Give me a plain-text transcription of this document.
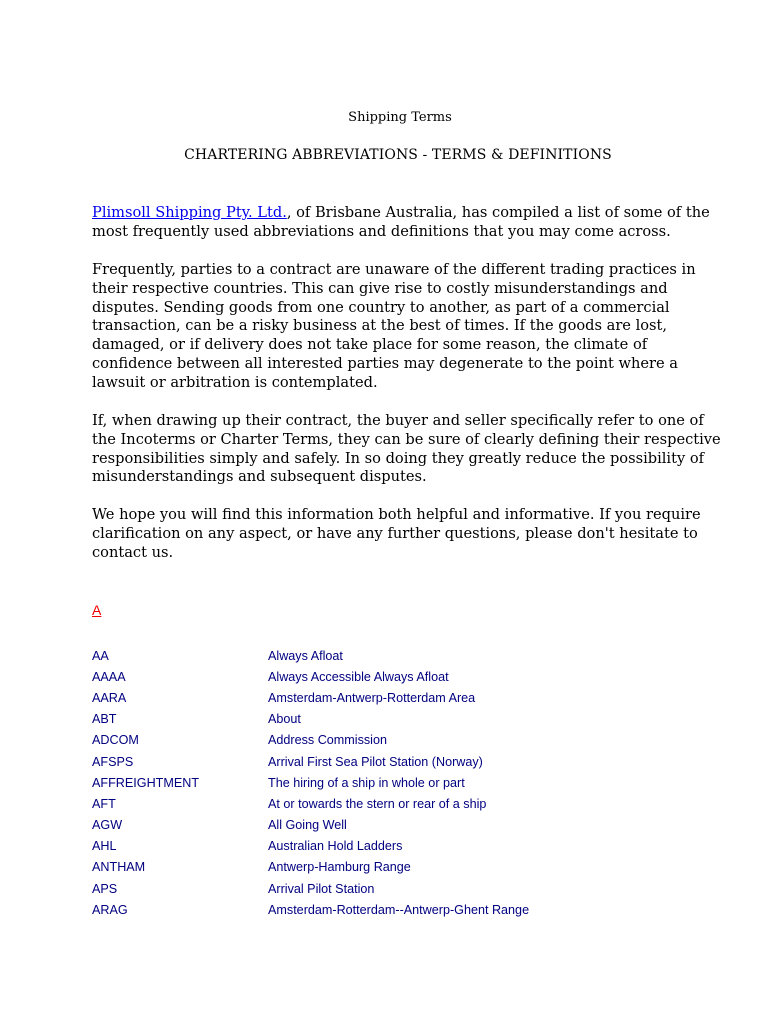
Shipping Terms
CHARTERING ABBREVIATIONS - TERMS & DEFINITIONS

Plimsoll Shipping Pty. Ltd., of Brisbane Australia, has compiled a list of some of the most frequently used abbreviations and definitions that you may come across.

Frequently, parties to a contract are unaware of the different trading practices in their respective countries. This can give rise to costly misunderstandings and disputes. Sending goods from one country to another, as part of a commercial transaction, can be a risky business at the best of times. If the goods are lost, damaged, or if delivery does not take place for some reason, the climate of confidence between all interested parties may degenerate to the point where a lawsuit or arbitration is contemplated.

If, when drawing up their contract, the buyer and seller specifically refer to one of the Incoterms or Charter Terms, they can be sure of clearly defining their respective responsibilities simply and safely. In so doing they greatly reduce the possibility of misunderstandings and subsequent disputes.

We hope you will find this information both helpful and informative. If you require clarification on any aspect, or have any further questions, please don't hesitate to contact us.

A
AA	Always Afloat
AAAA	Always Accessible Always Afloat
AARA	Amsterdam-Antwerp-Rotterdam Area
ABT	About
ADCOM	Address Commission
AFSPS	Arrival First Sea Pilot Station (Norway)
AFFREIGHTMENT	The hiring of a ship in whole or part
AFT	At or towards the stern or rear of a ship
AGW	All Going Well
AHL	Australian Hold Ladders
ANTHAM	Antwerp-Hamburg Range
APS	Arrival Pilot Station
ARAG	Amsterdam-Rotterdam--Antwerp-Ghent Range
